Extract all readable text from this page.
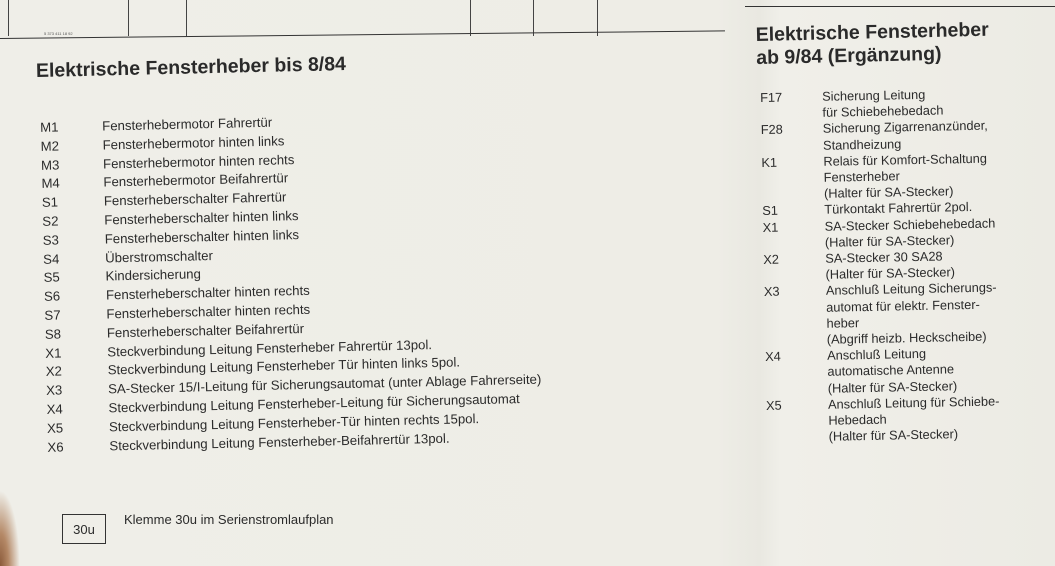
5 373 411 18 92
Elektrische Fensterheber bis 8/84
M1	Fensterhebermotor Fahrertür
M2	Fensterhebermotor hinten links
M3	Fensterhebermotor hinten rechts
M4	Fensterhebermotor Beifahrertür
S1	Fensterheberschalter Fahrertür
S2	Fensterheberschalter hinten links
S3	Fensterheberschalter hinten links
S4	Überstromschalter
S5	Kindersicherung
S6	Fensterheberschalter hinten rechts
S7	Fensterheberschalter hinten rechts
S8	Fensterheberschalter Beifahrertür
X1	Steckverbindung Leitung Fensterheber Fahrertür 13pol.
X2	Steckverbindung Leitung Fensterheber Tür hinten links 5pol.
X3	SA-Stecker 15/I-Leitung für Sicherungsautomat (unter Ablage Fahrerseite)
X4	Steckverbindung Leitung Fensterheber-Leitung für Sicherungsautomat
X5	Steckverbindung Leitung Fensterheber-Tür hinten rechts 15pol.
X6	Steckverbindung Leitung Fensterheber-Beifahrertür 13pol.
Elektrische Fensterheber
ab 9/84 (Ergänzung)
F17	Sicherung Leitung
für Schiebehebedach
F28	Sicherung Zigarrenanzünder,
Standheizung
K1	Relais für Komfort-Schaltung
Fensterheber
(Halter für SA-Stecker)
S1	Türkontakt Fahrertür 2pol.
X1	SA-Stecker Schiebehebedach
(Halter für SA-Stecker)
X2	SA-Stecker 30 SA28
(Halter für SA-Stecker)
X3	Anschluß Leitung Sicherungs-
automat für elektr. Fenster-
heber
(Abgriff heizb. Heckscheibe)
X4	Anschluß Leitung
automatische Antenne
(Halter für SA-Stecker)
X5	Anschluß Leitung für Schiebe-
Hebedach
(Halter für SA-Stecker)
30u
Klemme 30u im Serienstromlaufplan
